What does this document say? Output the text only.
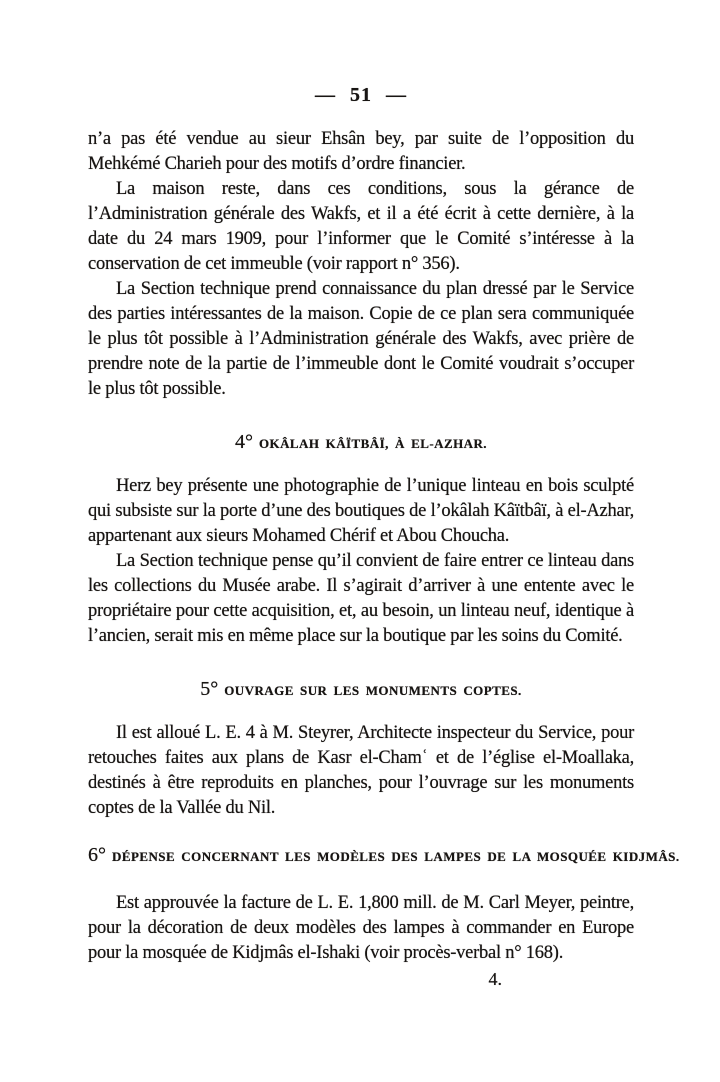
— 51 —

n’a pas été vendue au sieur Ehsân bey, par suite de l’opposition du Mehkémé Charieh pour des motifs d’ordre financier.

La maison reste, dans ces conditions, sous la gérance de l’Administration générale des Wakfs, et il a été écrit à cette dernière, à la date du 24 mars 1909, pour l’informer que le Comité s’intéresse à la conservation de cet immeuble (voir rapport n° 356).

La Section technique prend connaissance du plan dressé par le Service des parties intéressantes de la maison. Copie de ce plan sera communiquée le plus tôt possible à l’Administration générale des Wakfs, avec prière de prendre note de la partie de l’immeuble dont le Comité voudrait s’occuper le plus tôt possible.

4° OKÂLAH KÂÏTBÂÏ, À EL-AZHAR.

Herz bey présente une photographie de l’unique linteau en bois sculpté qui subsiste sur la porte d’une des boutiques de l’okâlah Kâïtbâï, à el-Azhar, appartenant aux sieurs Mohamed Chérif et Abou Choucha.

La Section technique pense qu’il convient de faire entrer ce linteau dans les collections du Musée arabe. Il s’agirait d’arriver à une entente avec le propriétaire pour cette acquisition, et, au besoin, un linteau neuf, identique à l’ancien, serait mis en même place sur la boutique par les soins du Comité.

5° OUVRAGE SUR LES MONUMENTS COPTES.

Il est alloué L. E. 4 à M. Steyrer, Architecte inspecteur du Service, pour retouches faites aux plans de Kasr el-Chamʿ et de l’église el-Moallaka, destinés à être reproduits en planches, pour l’ouvrage sur les monuments coptes de la Vallée du Nil.

6° DÉPENSE CONCERNANT LES MODÈLES DES LAMPES DE LA MOSQUÉE KIDJMÂS.

Est approuvée la facture de L. E. 1,800 mill. de M. Carl Meyer, peintre, pour la décoration de deux modèles des lampes à commander en Europe pour la mosquée de Kidjmâs el-Ishaki (voir procès-verbal n° 168).

4.
